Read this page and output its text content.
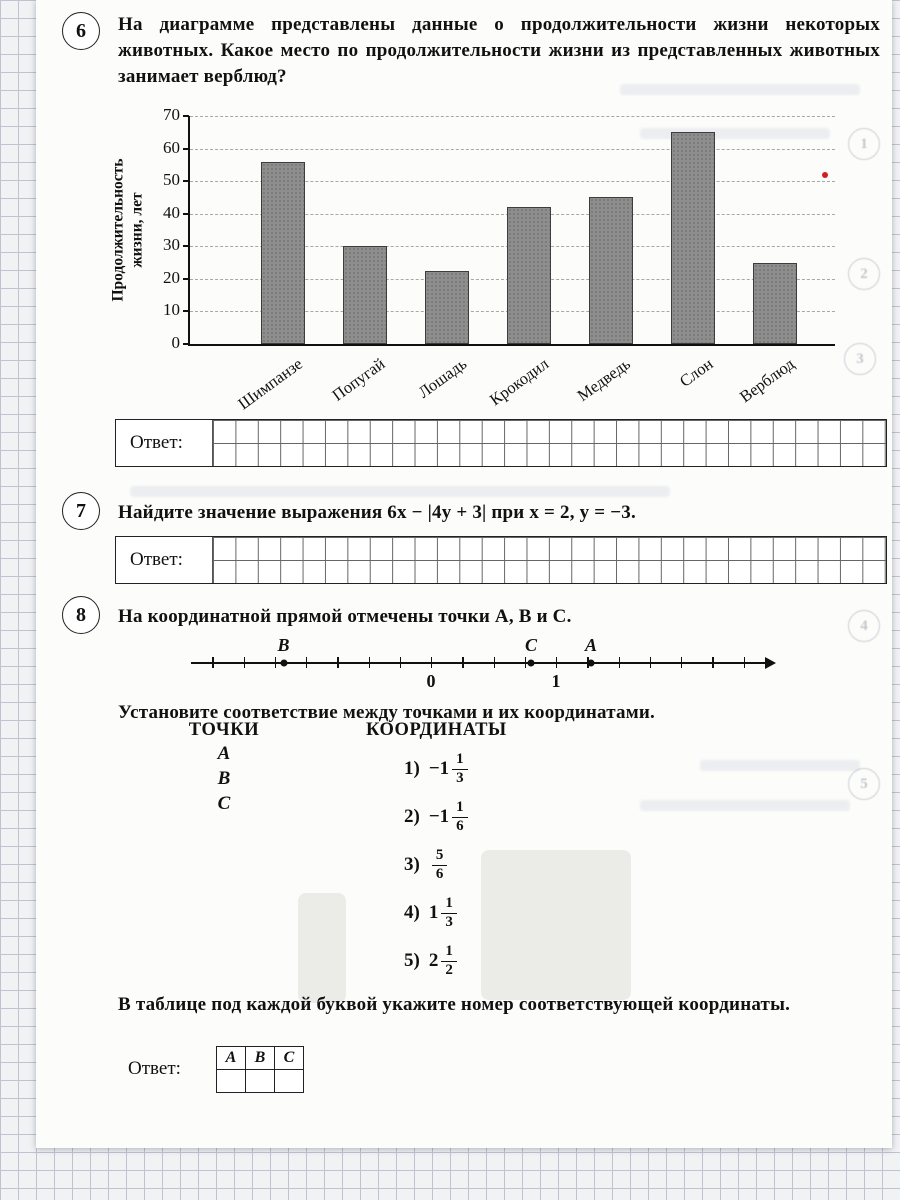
1
2
3
4
5
6 На диаграмме представлены данные о продолжительности жизни некоторых животных. Какое место по продолжительности жизни из представленных животных занимает верблюд?
Продолжительность жизни, лет
0
10
20
30
40
50
60
70
Шимпанзе Попугай Лошадь Крокодил Медведь	Слон Верблюд
Ответ:
7 Найдите значение выражения 6x − |4y + 3| при x = 2, y = −3.
Ответ:
8 На координатной прямой отмечены точки A, B и C.
0	1
B	C	A
Установите соответствие между точками и их координатами.
ТОЧКИ
A
B
C
КООРДИНАТЫ
$1) -1 \frac{1}{3}$
$2) -1 \frac{1}{6}$
$3) \frac{5}{6}$
4) $1 \frac{1}{3}$
5) $2 \frac{1}{2}$
В таблице под каждой буквой укажите номер соответствующей координаты.
Ответ:
A	B	C
